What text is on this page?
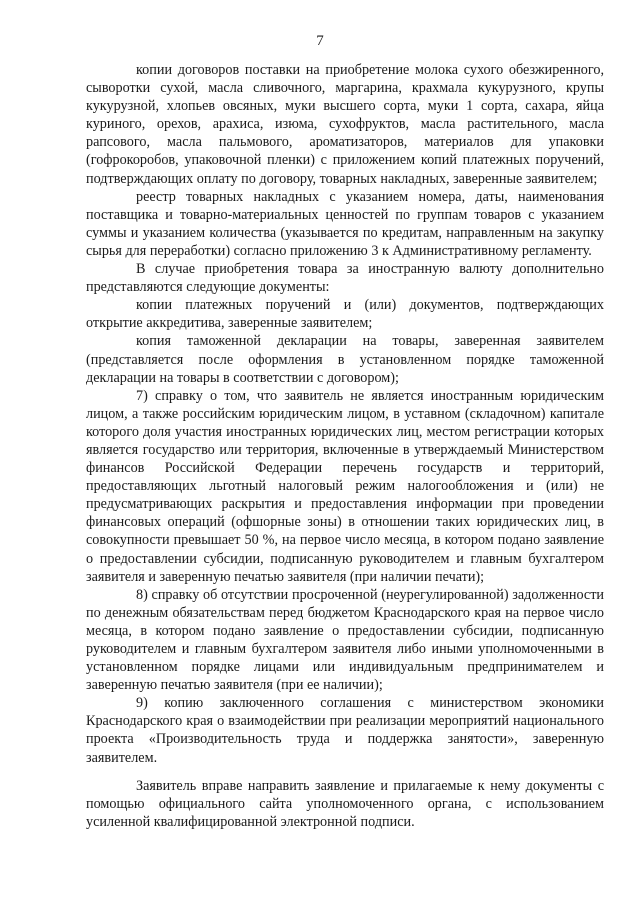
7

копии договоров поставки на приобретение молока сухого обезжиренного, сыворотки сухой, масла сливочного, маргарина, крахмала кукурузного, крупы кукурузной, хлопьев овсяных, муки высшего сорта, муки 1 сорта, сахара, яйца куриного, орехов, арахиса, изюма, сухофруктов, масла растительного, масла рапсового, масла пальмового, ароматизаторов, материалов для упаковки (гофрокоробов, упаковочной пленки) с приложением копий платежных поручений, подтверждающих оплату по договору, товарных накладных, заверенные заявителем;

реестр товарных накладных с указанием номера, даты, наименования поставщика и товарно-материальных ценностей по группам товаров с указанием суммы и указанием количества (указывается по кредитам, направленным на закупку сырья для переработки) согласно приложению 3 к Административному регламенту.

В случае приобретения товара за иностранную валюту дополнительно представляются следующие документы:

копии платежных поручений и (или) документов, подтверждающих открытие аккредитива, заверенные заявителем;

копия таможенной декларации на товары, заверенная заявителем (представляется после оформления в установленном порядке таможенной декларации на товары в соответствии с договором);

7) справку о том, что заявитель не является иностранным юридическим лицом, а также российским юридическим лицом, в уставном (складочном) капитале которого доля участия иностранных юридических лиц, местом регистрации которых является государство или территория, включенные в утверждаемый Министерством финансов Российской Федерации перечень государств и территорий, предоставляющих льготный налоговый режим налогообложения и (или) не предусматривающих раскрытия и предоставления информации при проведении финансовых операций (офшорные зоны) в отношении таких юридических лиц, в совокупности превышает 50 %, на первое число месяца, в котором подано заявление о предоставлении субсидии, подписанную руководителем и главным бухгалтером заявителя и заверенную печатью заявителя (при наличии печати);

8) справку об отсутствии просроченной (неурегулированной) задолженности по денежным обязательствам перед бюджетом Краснодарского края на первое число месяца, в котором подано заявление о предоставлении субсидии, подписанную руководителем и главным бухгалтером заявителя либо иными уполномоченными в установленном порядке лицами или индивидуальным предпринимателем и заверенную печатью заявителя (при ее наличии);

9) копию заключенного соглашения с министерством экономики Краснодарского края о взаимодействии при реализации мероприятий национального проекта «Производительность труда и поддержка занятости», заверенную заявителем.

Заявитель вправе направить заявление и прилагаемые к нему документы с помощью официального сайта уполномоченного органа, с использованием усиленной квалифицированной электронной подписи.
